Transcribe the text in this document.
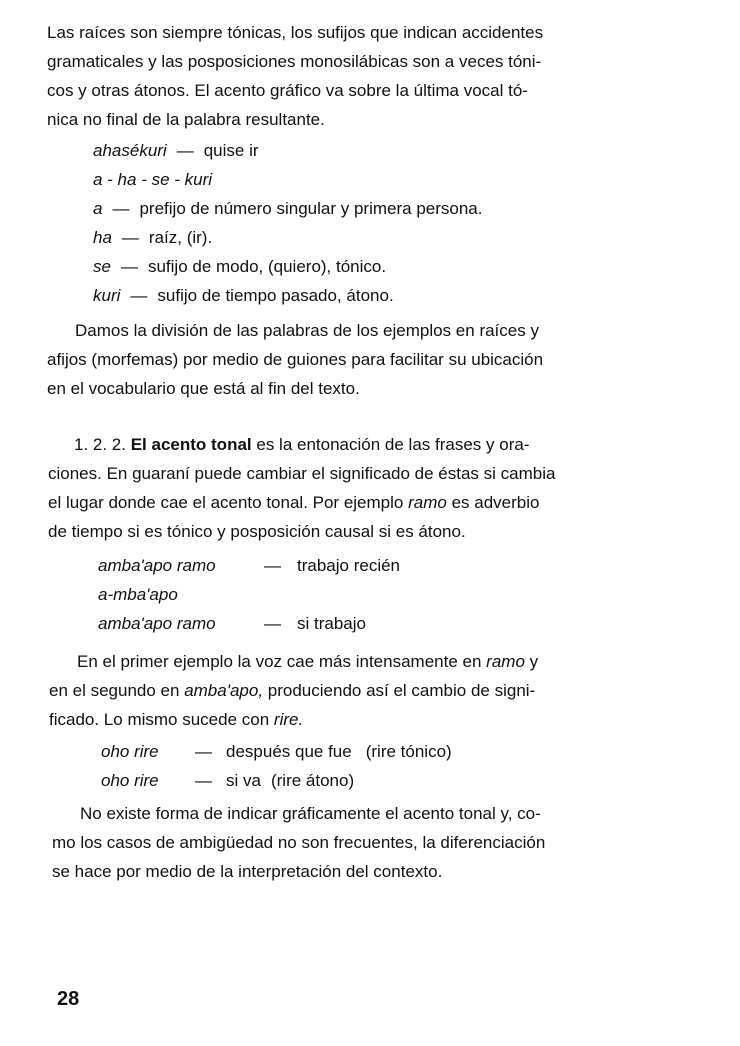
Las raíces son siempre tónicas, los sufijos que indican accidentes
gramaticales y las posposiciones monosilábicas son a veces tóni-
cos y otras átonos. El acento gráfico va sobre la última vocal tó-
nica no final de la palabra resultante.
ahasékuri — quise ir
a - ha - se - kuri
a — prefijo de número singular y primera persona.
ha — raíz, (ir).
se — sufijo de modo, (quiero), tónico.
kuri — sufijo de tiempo pasado, átono.
Damos la división de las palabras de los ejemplos en raíces y
afijos (morfemas) por medio de guiones para facilitar su ubicación
en el vocabulario que está al fin del texto.
1. 2. 2. El acento tonal es la entonación de las frases y ora-
ciones. En guaraní puede cambiar el significado de éstas si cambia
el lugar donde cae el acento tonal. Por ejemplo ramo es adverbio
de tiempo si es tónico y posposición causal si es átono.
amba'apo ramo	— trabajo recién
a-mba'apo
amba'apo ramo	— si trabajo
En el primer ejemplo la voz cae más intensamente en ramo y
en el segundo en amba'apo, produciendo así el cambio de signi-
ficado. Lo mismo sucede con rire.
oho rire — después que fue (rire tónico)
oho rire — si va (rire átono)
No existe forma de indicar gráficamente el acento tonal y, co-
mo los casos de ambigüedad no son frecuentes, la diferenciación
se hace por medio de la interpretación del contexto.
28
